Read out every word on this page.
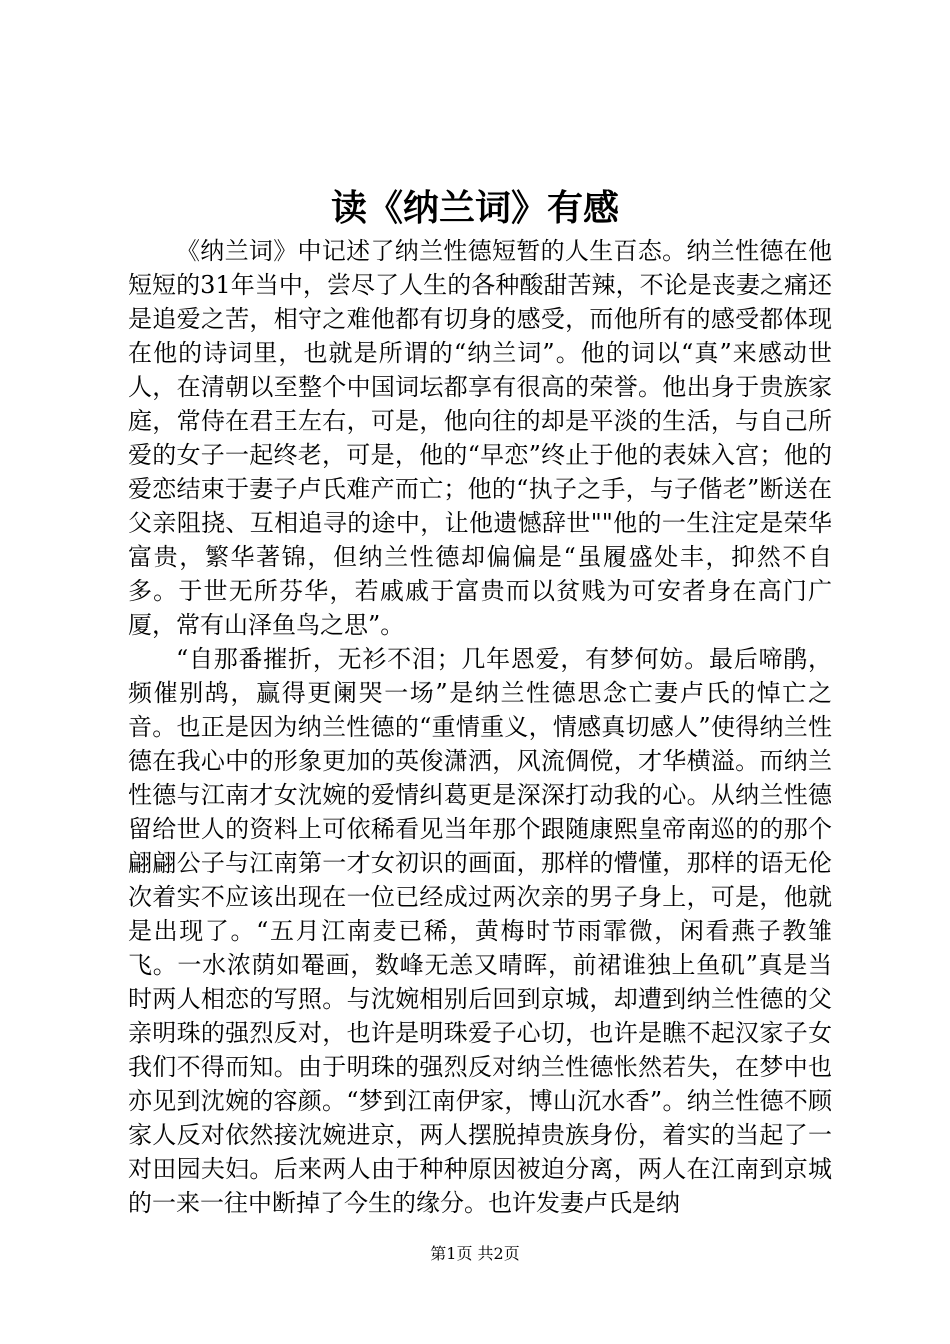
读《纳兰词》有感

《纳兰词》中记述了纳兰性德短暂的人生百态。纳兰性德在他短短的31年当中，尝尽了人生的各种酸甜苦辣，不论是丧妻之痛还是追爱之苦，相守之难他都有切身的感受，而他所有的感受都体现在他的诗词里，也就是所谓的“纳兰词”。他的词以“真”来感动世人，在清朝以至整个中国词坛都享有很高的荣誉。他出身于贵族家庭，常侍在君王左右，可是，他向往的却是平淡的生活，与自己所爱的女子一起终老，可是，他的“早恋”终止于他的表妹入宫；他的爱恋结束于妻子卢氏难产而亡；他的“执子之手，与子偕老”断送在父亲阻挠、互相追寻的途中，让他遗憾辞世""他的一生注定是荣华富贵，繁华著锦，但纳兰性德却偏偏是“虽履盛处丰，抑然不自多。于世无所芬华，若戚戚于富贵而以贫贱为可安者身在高门广厦，常有山泽鱼鸟之思”。

“自那番摧折，无衫不泪；几年恩爱，有梦何妨。最后啼鹃，频催别鸪，赢得更阑哭一场”是纳兰性德思念亡妻卢氏的悼亡之音。也正是因为纳兰性德的“重情重义，情感真切感人”使得纳兰性德在我心中的形象更加的英俊潇洒，风流倜傥，才华横溢。而纳兰性德与江南才女沈婉的爱情纠葛更是深深打动我的心。从纳兰性德留给世人的资料上可依稀看见当年那个跟随康熙皇帝南巡的的那个翩翩公子与江南第一才女初识的画面，那样的懵懂，那样的语无伦次着实不应该出现在一位已经成过两次亲的男子身上，可是，他就是出现了。“五月江南麦已稀，黄梅时节雨霏微，闲看燕子教雏飞。一水浓荫如罨画，数峰无恙又晴晖，前裙谁独上鱼矶”真是当时两人相恋的写照。与沈婉相别后回到京城，却遭到纳兰性德的父亲明珠的强烈反对，也许是明珠爱子心切，也许是瞧不起汉家子女我们不得而知。由于明珠的强烈反对纳兰性德怅然若失，在梦中也亦见到沈婉的容颜。“梦到江南伊家，博山沉水香”。纳兰性德不顾家人反对依然接沈婉进京，两人摆脱掉贵族身份，着实的当起了一对田园夫妇。后来两人由于种种原因被迫分离，两人在江南到京城的一来一往中断掉了今生的缘分。也许发妻卢氏是纳

第1页 共2页
